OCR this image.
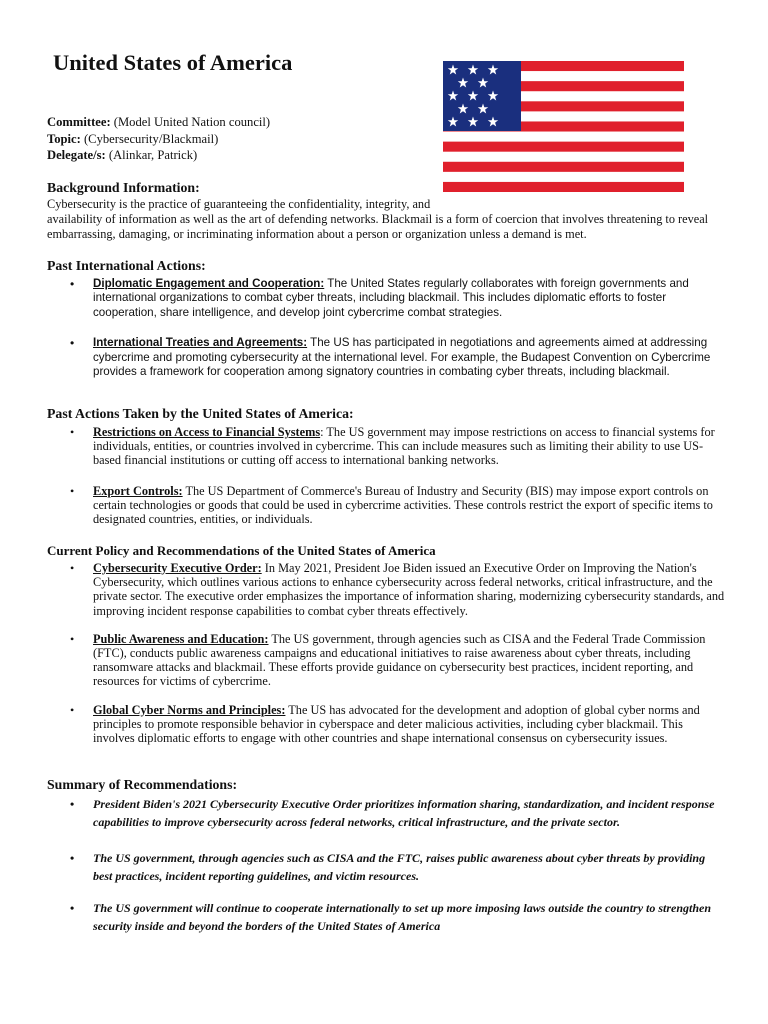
United States of America
Committee: (Model United Nation council)
Topic: (Cybersecurity/Blackmail)
Delegate/s: (Alinkar, Patrick)
Background Information:

Cybersecurity is the practice of guaranteeing the confidentiality, integrity, and
availability of information as well as the art of defending networks. Blackmail is a form of coercion that involves threatening to reveal embarrassing, damaging, or incriminating information about a person or organization unless a demand is met.

Past International Actions:
• Diplomatic Engagement and Cooperation: The United States regularly collaborates with foreign governments and international organizations to combat cyber threats, including blackmail. This includes diplomatic efforts to foster cooperation, share intelligence, and develop joint cybercrime combat strategies.
• International Treaties and Agreements: The US has participated in negotiations and agreements aimed at addressing cybercrime and promoting cybersecurity at the international level. For example, the Budapest Convention on Cybercrime provides a framework for cooperation among signatory countries in combating cyber threats, including blackmail.
Past Actions Taken by the United States of America:
• Restrictions on Access to Financial Systems: The US government may impose restrictions on access to financial systems for individuals, entities, or countries involved in cybercrime. This can include measures such as limiting their ability to use US-based financial institutions or cutting off access to international banking networks.
• Export Controls: The US Department of Commerce's Bureau of Industry and Security (BIS) may impose export controls on certain technologies or goods that could be used in cybercrime activities. These controls restrict the export of specific items to designated countries, entities, or individuals.
Current Policy and Recommendations of the United States of America
• Cybersecurity Executive Order: In May 2021, President Joe Biden issued an Executive Order on Improving the Nation's Cybersecurity, which outlines various actions to enhance cybersecurity across federal networks, critical infrastructure, and the private sector. The executive order emphasizes the importance of information sharing, modernizing cybersecurity standards, and improving incident response capabilities to combat cyber threats effectively.
• Public Awareness and Education: The US government, through agencies such as CISA and the Federal Trade Commission (FTC), conducts public awareness campaigns and educational initiatives to raise awareness about cyber threats, including ransomware attacks and blackmail. These efforts provide guidance on cybersecurity best practices, incident reporting, and resources for victims of cybercrime.
• Global Cyber Norms and Principles: The US has advocated for the development and adoption of global cyber norms and principles to promote responsible behavior in cyberspace and deter malicious activities, including cyber blackmail. This involves diplomatic efforts to engage with other countries and shape international consensus on cybersecurity issues.
Summary of Recommendations:
• President Biden's 2021 Cybersecurity Executive Order prioritizes information sharing, standardization, and incident response capabilities to improve cybersecurity across federal networks, critical infrastructure, and the private sector.
• The US government, through agencies such as CISA and the FTC, raises public awareness about cyber threats by providing best practices, incident reporting guidelines, and victim resources.
• The US government will continue to cooperate internationally to set up more imposing laws outside the country to strengthen security inside and beyond the borders of the United States of America
